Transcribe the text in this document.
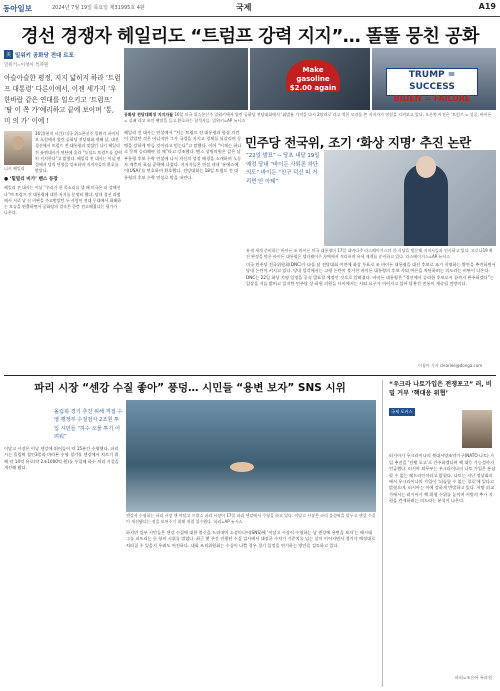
동아일보	2024년 7월 19일 목요일 제31995호 4판	국제	A19
경선 경쟁자 헤일리도 “트럼프 강력 지지”… 똘똘 뭉친 공화
美 밀워키 공화당 전대 르포
밀워키=이청아 특파원
아슬아슬한 평정, 지지 넓히지 하라 ‘트럼프 대통령’ 다른이에서, 이젠 세가지 ‘우한바랍 같은 연대를 일으키고 ‘트럼프’ ‘탈 이 쪽 가’예리하고 끝에 보이며 ‘통, 미 의 가’ 이에 !
니키 헤일리
16일(현지 시간) 미국 위스콘신주 밀워키 파이서브 포럼에서 열린 공화당 전당대회 셋째 날, 대선 경선에서 트럼프 전 대통령과 맞섰던 니키 헤일리 전 유엔대사가 연단에 올라 “도널드 트럼프를 강력히 지지한다”고 밝혔다. 헤일리 전 대사는 이날 연설에서 당의 단합을 강조하며 지지자들의 환호를 받았다.
● ‘힐빌리 비가’ 밴스 등장
헤일리 전 대사는 이날 “우리가 한 목소리를 낼 때 미국은 더 강해진다”며 트럼프 전 대통령에 대한 지지를 분명히 했다. 당내 경선 과정에서 서로 날 선 비판을 주고받았던 두 사람이 전대 무대에서 화해하는 모습을 연출하면서 공화당의 결속은 한층 견고해졌다는 평가가 나온다.
Make gasoline $2.00 again
TRUMP = SUCCESS
BIDEN = FAILURE
공화당 전당대회장 지지자들 16일 미국 위스콘신주 밀워키에서 열린 공화당 전당대회에서 ‘휘발유 가격을 다시 2달러로’라고 적힌 모자를 쓴 지지자가 연설을 지켜보고 있다. 오른쪽 사진은 ‘트럼프 = 성공, 바이든 = 실패’라고 쓰인 팻말을 들고 환호하는 참석자들. 밀워키=AP 뉴시스
헤일리 전 대사는 연설에서 “저는 트럼프 전 대통령과 항상 의견이 같았던 것은 아니지만 그가 국경을 지키고 경제를 되살리며 동맹을 강하게 만들 것이라고 믿는다”고 말했다. 이어 “이제는 하나로 뭉쳐 승리해야 할 때”라고 강조했다. 밴스 상원의원은 같은 날 부통령 후보 수락 연설에 나서 자신의 성장 배경을 소개하며 노동자 계층의 표심 공략에 나섰다. 지지자들은 연설 내내 ‘유에스에이(USA)’를 연호하며 환호했다. 전당대회는 18일 트럼프 전 대통령의 후보 수락 연설로 막을 내린다.
민주당 전국위, 조기 ‘화상 지명’ 추진 논란
“22일 발표” -- 당초 내달 19일 예정 당내 “바이든 사퇴론 차단 의도” 바이든 “친구 덕신 띠 거리면 안 아돼”
유세 재개 준비하는 바이든 조 바이든 미국 대통령이 17일 네바다주 라스베이거스의 한 식당을 방문해 지지자들과 인사하고 있다. 코로나19 확진 판정을 받은 바이든 대통령은 델라웨어주 자택에서 격리하며 유세 재개를 준비하고 있다. 라스베이거스=AP 뉴시스
미국 민주당 전국위원회(DNC)가 다음 달 전당대회 이전에 화상 투표로 조 바이든 대통령을 대선 후보로 조기 지명하는 방안을 추진하면서 당내 논란이 커지고 있다. 당내 일각에서는 고령 논란이 불거진 바이든 대통령의 후보 사퇴 여론을 차단하려는 의도라는 비판이 나온다. DNC는 22일 화상 지명 일정을 공식 발표할 예정인 것으로 알려졌다. 바이든 대통령은 “경선에서 승리한 후보로서 끝까지 완주하겠다”는 입장을 거듭 밝히고 있지만 민주당 상·하원 의원들 사이에서는 사퇴 요구가 이어지고 있어 당분간 진통이 계속될 전망이다.
이청아 기자 clearlee@donga.com
파리 시장 “센강 수질 좋아” 풍덩… 시민들 “용변 보자” SNS 시위
올림픽 경기 추진 위해 직접 수영 행정부 수질검사 2조원 투입 시민들 “하수 오물 투기 어려워”
이달고 시장은 이날 센강에 뛰어들어 약 15분간 수영했다. 파리시는 올림픽 철인3종과 마라톤 수영 경기를 센강에서 치르기 위해 약 14억 유로(약 2조1000억 원)를 투입해 하수 처리 시설을 개선해 왔다.
센강서 수영하는 파리 시장 앤 이달고 프랑스 파리 시장이 17일 파리 센강에서 수영을 하고 있다. 이달고 시장은 파리 올림픽을 앞두고 센강 수질이 개선됐다는 점을 보여주기 위해 직접 입수했다. 파리=AP 뉴시스
하지만 일부 시민들은 센강 수질에 대한 불신을 드러내며 소셜미디어(SNS)에 ‘이달고 시장이 수영하는 날 센강에 용변을 보자’는 해시태그를 퍼뜨리는 등 항의 시위를 벌였다. 최근 몇 주간 진행된 수질 검사에서 대장균 수치가 기준치를 넘는 날이 이어지면서 경기가 예정대로 치러질 수 있을지 우려도 여전하다. 대회 조직위원회는 수질이 나쁠 경우 경기 일정을 연기하는 방안을 검토하고 있다.
“우크라 나토가입은 전쟁포고” 러, 비밀 거부 ‘핵대응 위협’
국제 포커스
러시아가 우크라이나의 북대서양조약기구(NATO·나토) 가입 추진을 ‘전쟁 포고’로 간주하겠다며 핵 대응 가능성까지 언급했다. 러시아 외무부는 우크라이나의 나토 가입은 용납할 수 없는 레드라인이라고 밝혔다. 나토는 지난 정상회의에서 우크라이나의 가입이 ‘되돌릴 수 없는 경로’에 있다고 밝혔으며, 러시아는 이에 강하게 반발하고 있다. 서방 외교가에서는 러시아가 핵 위협 수위를 높이며 서방의 추가 지원을 견제하려는 의도라는 분석이 나온다.
파리=조은아 특파원
